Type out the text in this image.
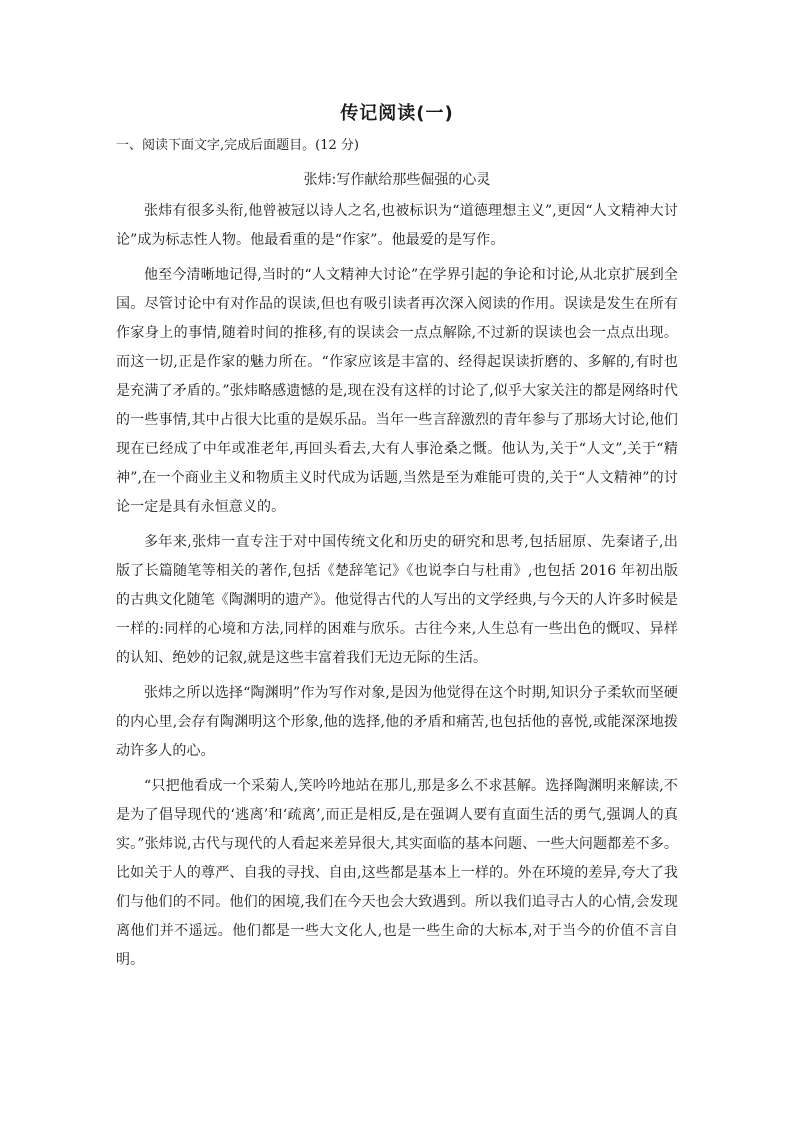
传记阅读(一)

一、阅读下面文字,完成后面题目。(12 分)

张炜:写作献给那些倔强的心灵

张炜有很多头衔,他曾被冠以诗人之名,也被标识为“道德理想主义”,更因“人文精神大讨论”成为标志性人物。他最看重的是“作家”。他最爱的是写作。

他至今清晰地记得,当时的“人文精神大讨论”在学界引起的争论和讨论,从北京扩展到全国。尽管讨论中有对作品的误读,但也有吸引读者再次深入阅读的作用。误读是发生在所有作家身上的事情,随着时间的推移,有的误读会一点点解除,不过新的误读也会一点点出现。而这一切,正是作家的魅力所在。“作家应该是丰富的、经得起误读折磨的、多解的,有时也是充满了矛盾的。”张炜略感遗憾的是,现在没有这样的讨论了,似乎大家关注的都是网络时代的一些事情,其中占很大比重的是娱乐品。当年一些言辞激烈的青年参与了那场大讨论,他们现在已经成了中年或准老年,再回头看去,大有人事沧桑之慨。他认为,关于“人文”,关于“精神”,在一个商业主义和物质主义时代成为话题,当然是至为难能可贵的,关于“人文精神”的讨论一定是具有永恒意义的。

多年来,张炜一直专注于对中国传统文化和历史的研究和思考,包括屈原、先秦诸子,出版了长篇随笔等相关的著作,包括《楚辞笔记》《也说李白与杜甫》,也包括 2016 年初出版的古典文化随笔《陶渊明的遗产》。他觉得古代的人写出的文学经典,与今天的人许多时候是一样的:同样的心境和方法,同样的困难与欣乐。古往今来,人生总有一些出色的慨叹、异样的认知、绝妙的记叙,就是这些丰富着我们无边无际的生活。

张炜之所以选择“陶渊明”作为写作对象,是因为他觉得在这个时期,知识分子柔软而坚硬的内心里,会存有陶渊明这个形象,他的选择,他的矛盾和痛苦,也包括他的喜悦,或能深深地拨动许多人的心。

“只把他看成一个采菊人,笑吟吟地站在那儿,那是多么不求甚解。选择陶渊明来解读,不是为了倡导现代的‘逃离’和‘疏离’,而正是相反,是在强调人要有直面生活的勇气,强调人的真实。”张炜说,古代与现代的人看起来差异很大,其实面临的基本问题、一些大问题都差不多。比如关于人的尊严、自我的寻找、自由,这些都是基本上一样的。外在环境的差异,夸大了我们与他们的不同。他们的困境,我们在今天也会大致遇到。所以我们追寻古人的心情,会发现离他们并不遥远。他们都是一些大文化人,也是一些生命的大标本,对于当今的价值不言自明。
